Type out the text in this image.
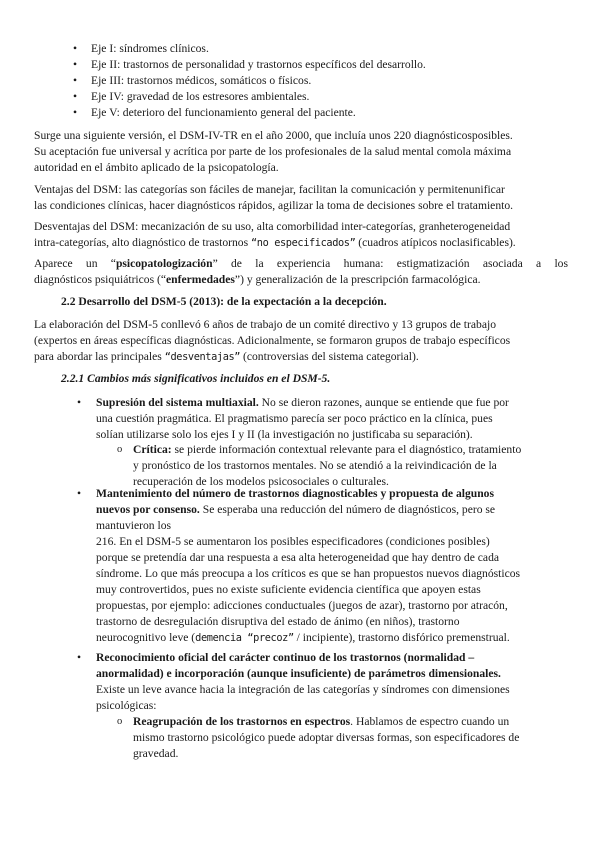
• Eje I: síndromes clínicos.
• Eje II: trastornos de personalidad y trastornos específicos del desarrollo.
• Eje III: trastornos médicos, somáticos o físicos.
• Eje IV: gravedad de los estresores ambientales.
• Eje V: deterioro del funcionamiento general del paciente.
Surge una siguiente versión, el DSM-IV-TR en el año 2000, que incluía unos 220 diagnósticosposibles.
Su aceptación fue universal y acrítica por parte de los profesionales de la salud mental comola máxima
autoridad en el ámbito aplicado de la psicopatología.
Ventajas del DSM: las categorías son fáciles de manejar, facilitan la comunicación y permitenunificar
las condiciones clínicas, hacer diagnósticos rápidos, agilizar la toma de decisiones sobre el tratamiento.
Desventajas del DSM: mecanización de su uso, alta comorbilidad inter-categorías, granheterogeneidad
intra-categorías, alto diagnóstico de trastornos “no especificados” (cuadros atípicos noclasificables).
Aparece un “psicopatologización” de la experiencia humana: estigmatización asociada a los
diagnósticos psiquiátricos (“enfermedades”) y generalización de la prescripción farmacológica.
2.2 Desarrollo del DSM-5 (2013): de la expectación a la decepción.
La elaboración del DSM-5 conllevó 6 años de trabajo de un comité directivo y 13 grupos de trabajo
(expertos en áreas específicas diagnósticas. Adicionalmente, se formaron grupos de trabajo específicos
para abordar las principales “desventajas” (controversias del sistema categorial).
2.2.1 Cambios más significativos incluidos en el DSM-5.
• Supresión del sistema multiaxial. No se dieron razones, aunque se entiende que fue por
una cuestión pragmática. El pragmatismo parecía ser poco práctico en la clínica, pues
solían utilizarse solo los ejes I y II (la investigación no justificaba su separación).
o Crítica: se pierde información contextual relevante para el diagnóstico, tratamiento
y pronóstico de los trastornos mentales. No se atendió a la reivindicación de la
recuperación de los modelos psicosociales o culturales.
• Mantenimiento del número de trastornos diagnosticables y propuesta de algunos
nuevos por consenso. Se esperaba una reducción del número de diagnósticos, pero se
mantuvieron los
216. En el DSM-5 se aumentaron los posibles especificadores (condiciones posibles)
porque se pretendía dar una respuesta a esa alta heterogeneidad que hay dentro de cada
síndrome. Lo que más preocupa a los críticos es que se han propuestos nuevos diagnósticos
muy controvertidos, pues no existe suficiente evidencia científica que apoyen estas
propuestas, por ejemplo: adicciones conductuales (juegos de azar), trastorno por atracón,
trastorno de desregulación disruptiva del estado de ánimo (en niños), trastorno
neurocognitivo leve (demencia “precoz” / incipiente), trastorno disfórico premenstrual.
• Reconocimiento oficial del carácter continuo de los trastornos (normalidad –
anormalidad) e incorporación (aunque insuficiente) de parámetros dimensionales.
Existe un leve avance hacia la integración de las categorías y síndromes con dimensiones
psicológicas:
o Reagrupación de los trastornos en espectros. Hablamos de espectro cuando un
mismo trastorno psicológico puede adoptar diversas formas, son especificadores de
gravedad.
